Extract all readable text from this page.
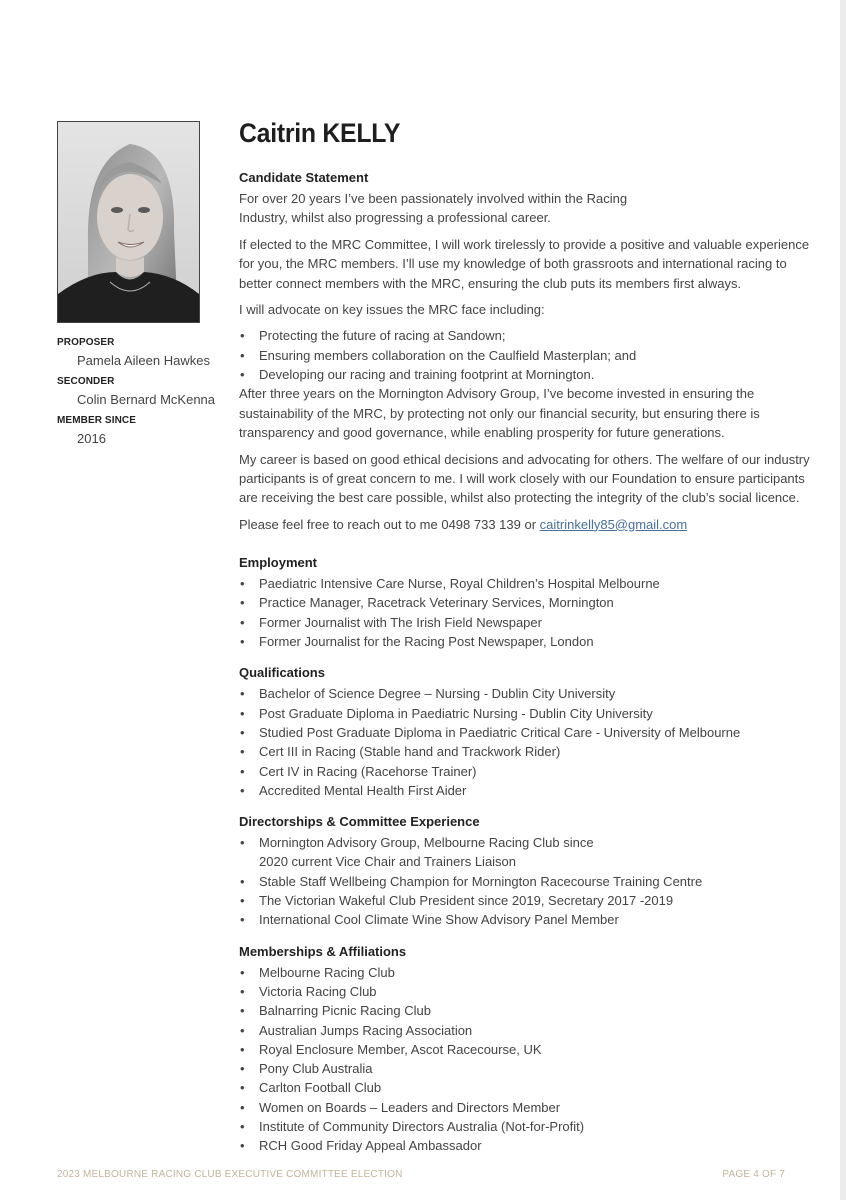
PROPOSER
Pamela Aileen Hawkes
SECONDER
Colin Bernard McKenna
MEMBER SINCE
2016
Caitrin KELLY
Candidate Statement

For over 20 years I’ve been passionately involved within the Racing Industry, whilst also progressing a professional career.

If elected to the MRC Committee, I will work tirelessly to provide a positive and valuable experience for you, the MRC members. I’ll use my knowledge of both grassroots and international racing to better connect members with the MRC, ensuring the club puts its members first always.

I will advocate on key issues the MRC face including:

• Protecting the future of racing at Sandown;
• Ensuring members collaboration on the Caulfield Masterplan; and
• Developing our racing and training footprint at Mornington.

After three years on the Mornington Advisory Group, I’ve become invested in ensuring the sustainability of the MRC, by protecting not only our financial security, but ensuring there is transparency and good governance, while enabling prosperity for future generations.

My career is based on good ethical decisions and advocating for others. The welfare of our industry participants is of great concern to me. I will work closely with our Foundation to ensure participants are receiving the best care possible, whilst also protecting the integrity of the club’s social licence.

Please feel free to reach out to me 0498 733 139 or caitrinkelly85@gmail.com

Employment
• Paediatric Intensive Care Nurse, Royal Children’s Hospital Melbourne
• Practice Manager, Racetrack Veterinary Services, Mornington
• Former Journalist with The Irish Field Newspaper
• Former Journalist for the Racing Post Newspaper, London
Qualifications
• Bachelor of Science Degree – Nursing - Dublin City University
• Post Graduate Diploma in Paediatric Nursing - Dublin City University
• Studied Post Graduate Diploma in Paediatric Critical Care - University of Melbourne
• Cert III in Racing (Stable hand and Trackwork Rider)
• Cert IV in Racing (Racehorse Trainer)
• Accredited Mental Health First Aider
Directorships & Committee Experience
• Mornington Advisory Group, Melbourne Racing Club since 2020 current Vice Chair and Trainers Liaison
• Stable Staff Wellbeing Champion for Mornington Racecourse Training Centre
• The Victorian Wakeful Club President since 2019, Secretary 2017 -2019
• International Cool Climate Wine Show Advisory Panel Member
Memberships & Affiliations
• Melbourne Racing Club
• Victoria Racing Club
• Balnarring Picnic Racing Club
• Australian Jumps Racing Association
• Royal Enclosure Member, Ascot Racecourse, UK
• Pony Club Australia
• Carlton Football Club
• Women on Boards – Leaders and Directors Member
• Institute of Community Directors Australia (Not-for-Profit)
• RCH Good Friday Appeal Ambassador
2023 MELBOURNE RACING CLUB EXECUTIVE COMMITTEE ELECTION	PAGE 4 OF 7
